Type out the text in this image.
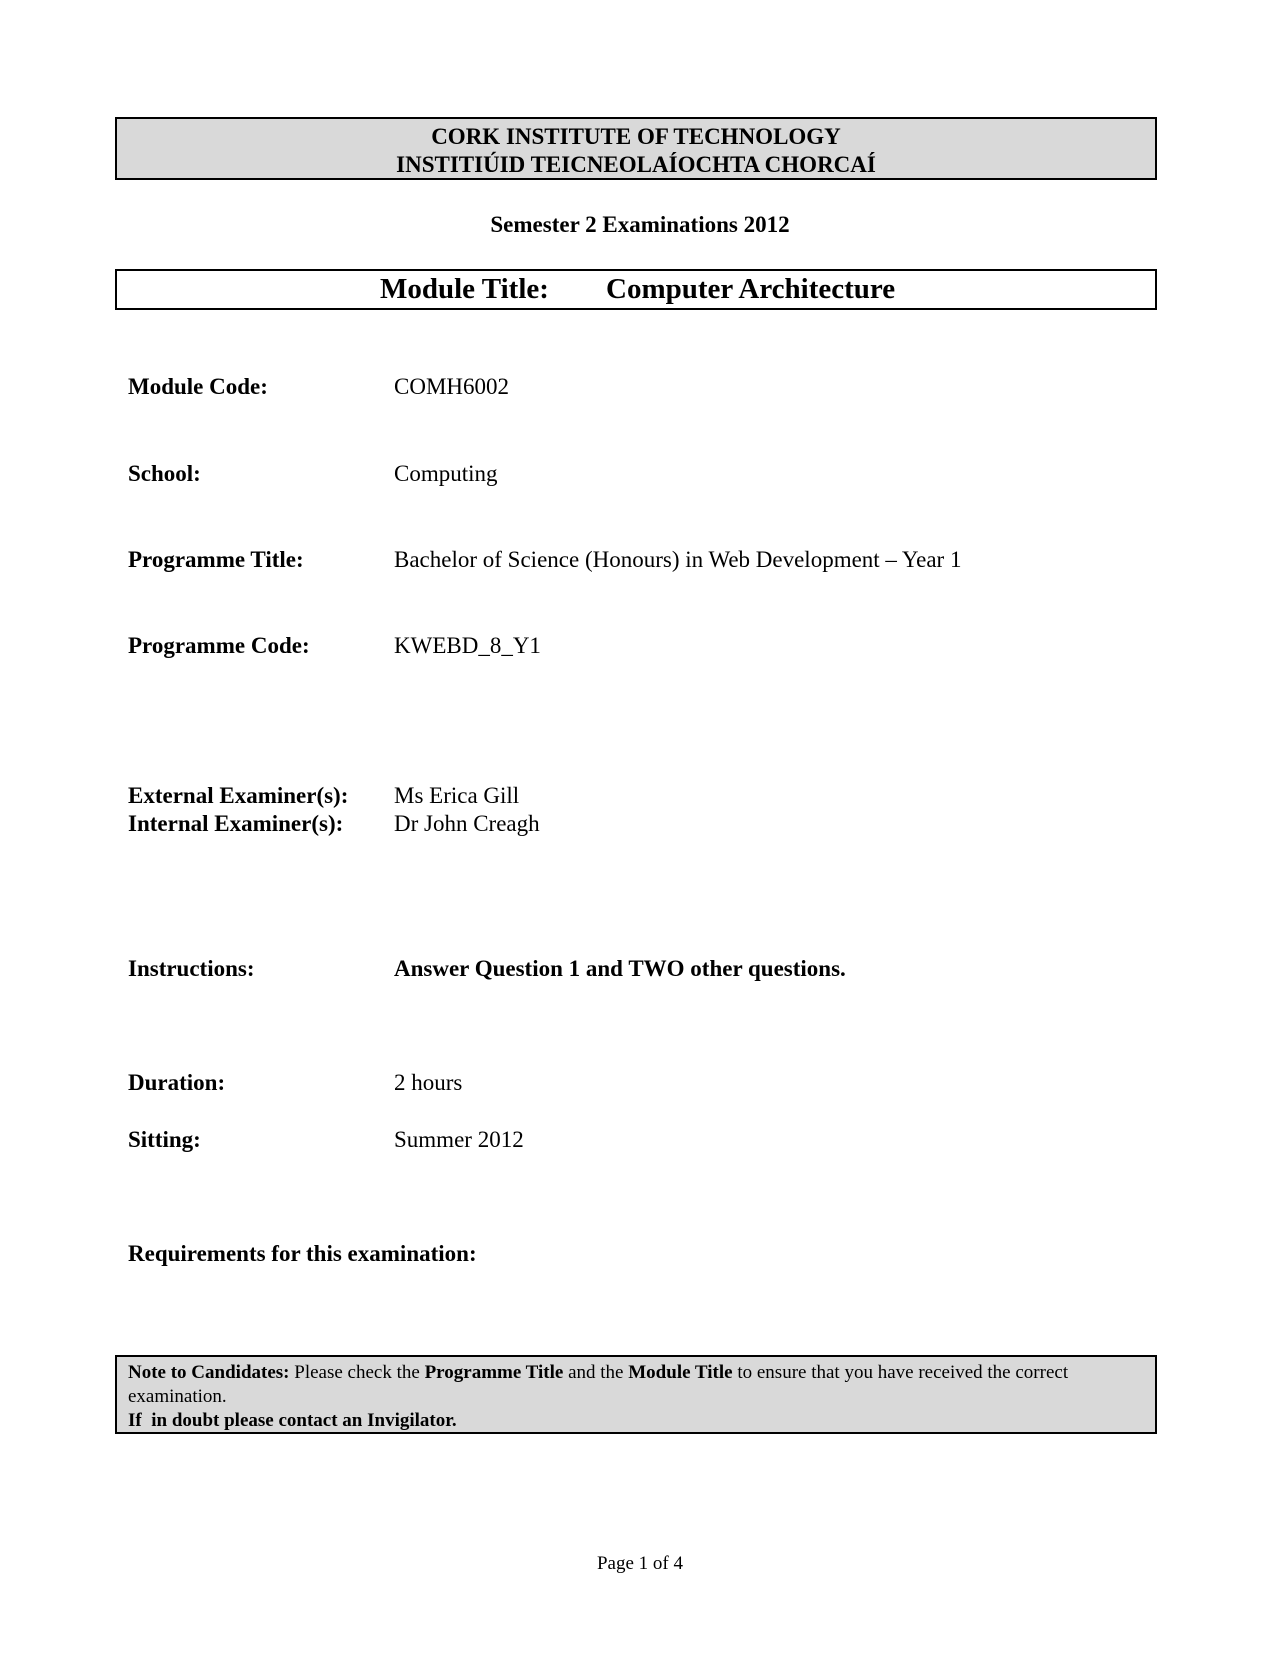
CORK INSTITUTE OF TECHNOLOGY
INSTITIÚID TEICNEOLAÍOCHTA CHORCAÍ
Semester 2 Examinations 2012
Module Title: Computer Architecture
Module Code:	COMH6002
School:	Computing
Programme Title:	Bachelor of Science (Honours) in Web Development – Year 1
Programme Code:	KWEBD_8_Y1
External Examiner(s): Ms Erica Gill
Internal Examiner(s): Dr John Creagh
Instructions:	Answer Question 1 and TWO other questions.
Duration:	2 hours
Sitting:	Summer 2012
Requirements for this examination:
Note to Candidates: Please check the Programme Title and the Module Title to ensure that you have received the correct examination.
If  in doubt please contact an Invigilator.
Page 1 of 4
